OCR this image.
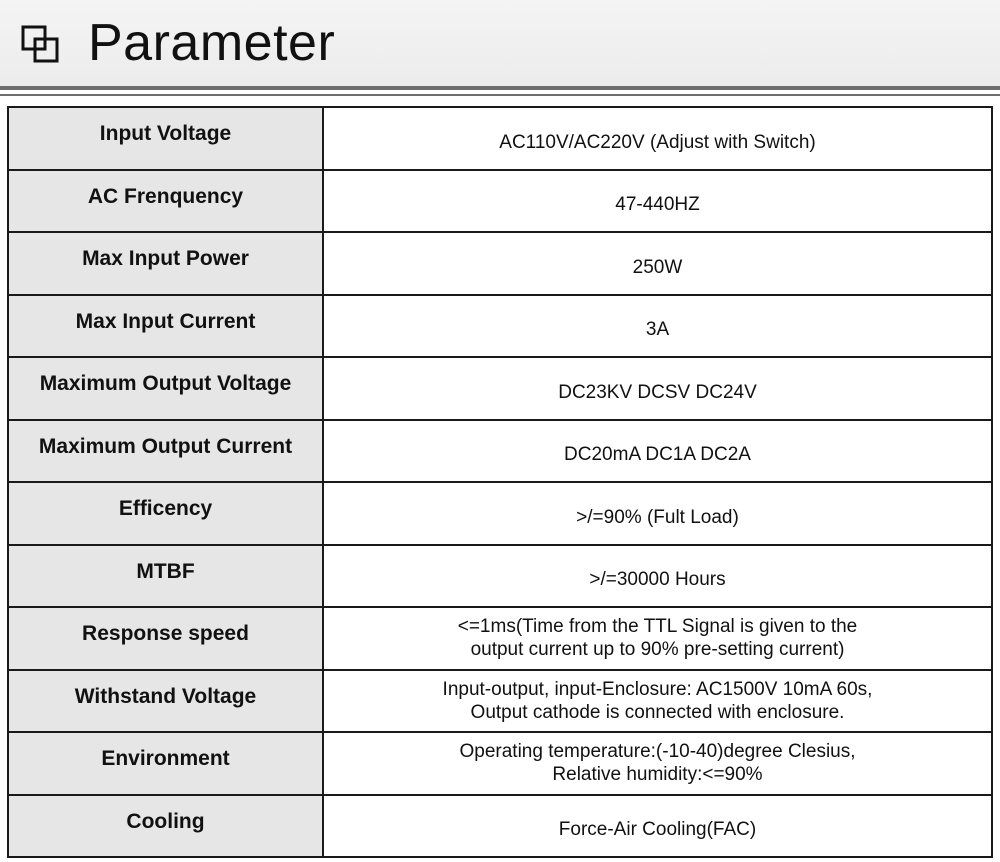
Parameter
Input Voltage	AC110V/AC220V (Adjust with Switch)

AC Frenquency	47-440HZ

Max Input Power	250W

Max Input Current	3A

Maximum Output Voltage	DC23KV DCSV DC24V

Maximum Output Current	DC20mA DC1A DC2A

Efficency	>/=90% (Fult Load)

MTBF	>/=30000 Hours

Response speed	<=1ms(Time from the TTL Signal is given to the
output current up to 90% pre-setting current)

Withstand Voltage	Input-output, input-Enclosure: AC1500V 10mA 60s,
Output cathode is connected with enclosure.

Environment	Operating temperature:(-10-40)degree Clesius,
Relative humidity:<=90%

Cooling	Force-Air Cooling(FAC)
